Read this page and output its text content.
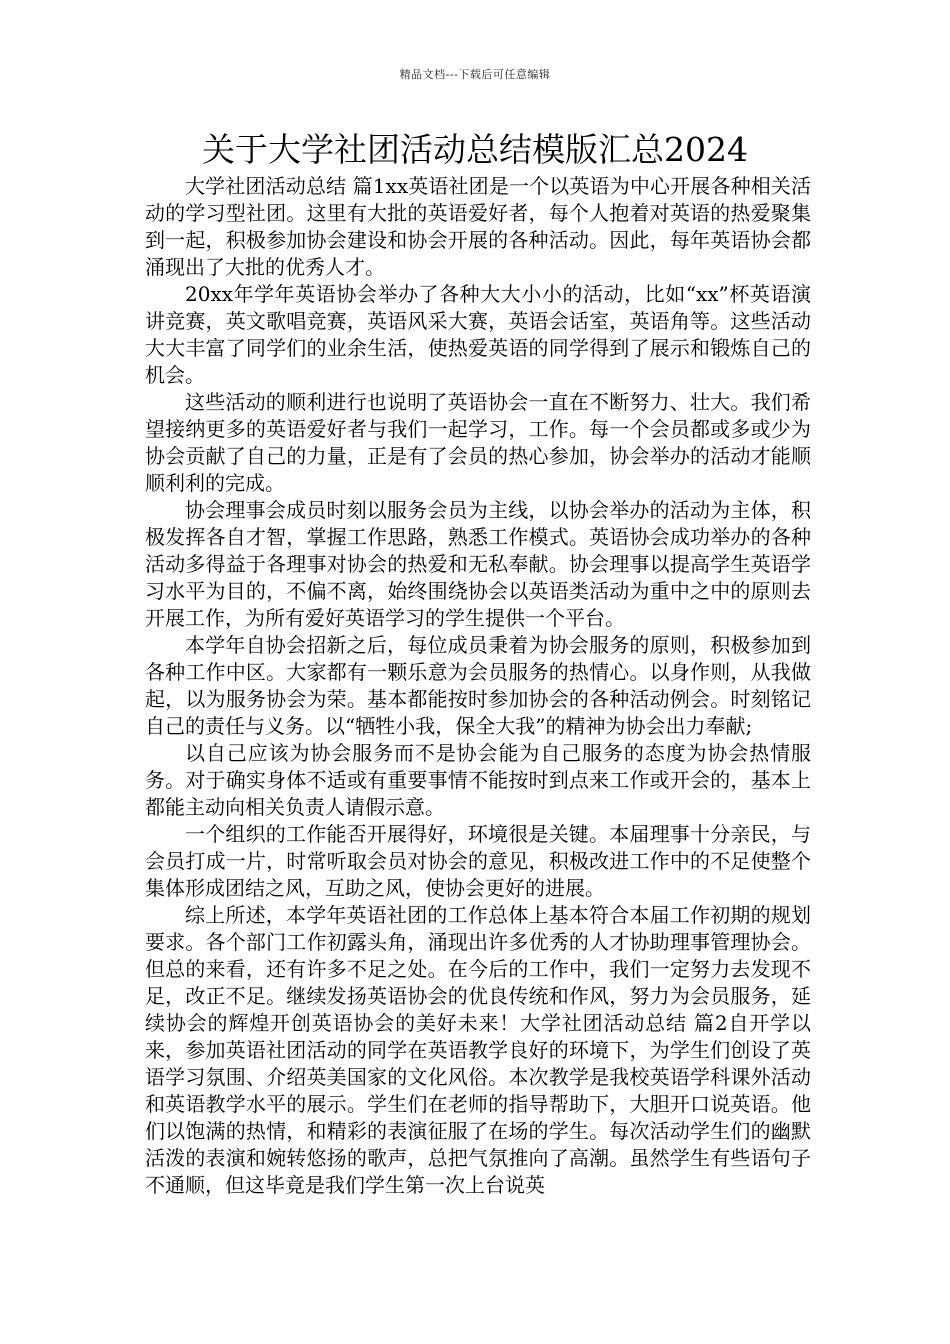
精品文档---下载后可任意编辑
关于大学社团活动总结模版汇总2024

大学社团活动总结 篇1xx英语社团是一个以英语为中心开展各种相关活动的学习型社团。这里有大批的英语爱好者，每个人抱着对英语的热爱聚集到一起，积极参加协会建设和协会开展的各种活动。因此，每年英语协会都涌现出了大批的优秀人才。

20xx年学年英语协会举办了各种大大小小的活动，比如“xx”杯英语演讲竞赛，英文歌唱竞赛，英语风采大赛，英语会话室，英语角等。这些活动大大丰富了同学们的业余生活，使热爱英语的同学得到了展示和锻炼自己的机会。

这些活动的顺利进行也说明了英语协会一直在不断努力、壮大。我们希望接纳更多的英语爱好者与我们一起学习，工作。每一个会员都或多或少为协会贡献了自己的力量，正是有了会员的热心参加，协会举办的活动才能顺顺利利的完成。

协会理事会成员时刻以服务会员为主线，以协会举办的活动为主体，积极发挥各自才智，掌握工作思路，熟悉工作模式。英语协会成功举办的各种活动多得益于各理事对协会的热爱和无私奉献。协会理事以提高学生英语学习水平为目的，不偏不离，始终围绕协会以英语类活动为重中之中的原则去开展工作，为所有爱好英语学习的学生提供一个平台。

本学年自协会招新之后，每位成员秉着为协会服务的原则，积极参加到各种工作中区。大家都有一颗乐意为会员服务的热情心。以身作则，从我做起，以为服务协会为荣。基本都能按时参加协会的各种活动例会。时刻铭记自己的责任与义务。以“牺牲小我，保全大我”的精神为协会出力奉献;

以自己应该为协会服务而不是协会能为自己服务的态度为协会热情服务。对于确实身体不适或有重要事情不能按时到点来工作或开会的，基本上都能主动向相关负责人请假示意。

一个组织的工作能否开展得好，环境很是关键。本届理事十分亲民，与会员打成一片，时常听取会员对协会的意见，积极改进工作中的不足使整个集体形成团结之风，互助之风，使协会更好的进展。

综上所述，本学年英语社团的工作总体上基本符合本届工作初期的规划要求。各个部门工作初露头角，涌现出许多优秀的人才协助理事管理协会。但总的来看，还有许多不足之处。在今后的工作中，我们一定努力去发现不足，改正不足。继续发扬英语协会的优良传统和作风，努力为会员服务，延续协会的辉煌开创英语协会的美好未来！大学社团活动总结 篇2自开学以来，参加英语社团活动的同学在英语教学良好的环境下，为学生们创设了英语学习氛围、介绍英美国家的文化风俗。本次教学是我校英语学科课外活动和英语教学水平的展示。学生们在老师的指导帮助下，大胆开口说英语。他们以饱满的热情，和精彩的表演征服了在场的学生。每次活动学生们的幽默活泼的表演和婉转悠扬的歌声，总把气氛推向了高潮。虽然学生有些语句子不通顺，但这毕竟是我们学生第一次上台说英
